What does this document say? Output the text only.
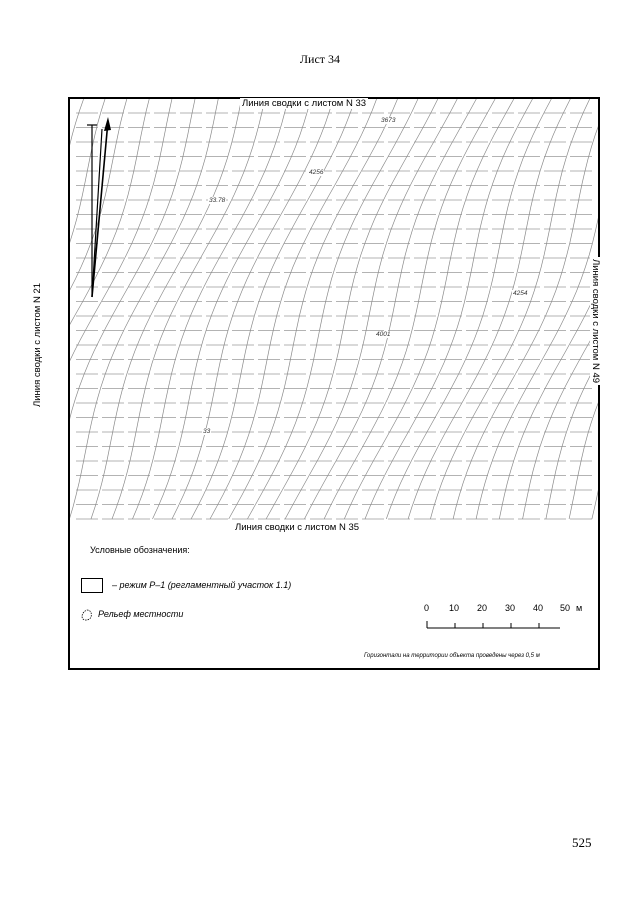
Лист 34
Линия сводки с листом N 33
Линия сводки с листом N 35
Линия сводки с листом N 21	Линия сводки с листом N 49
3673
4256
33.78
4254
4001
33
Условные обозначения:
– режим Р–1 (регламентный участок 1.1)
Рельеф местности
0 10 20 30 40 50 м
Горизонтали на территории объекта проведены через 0,5 м
525
